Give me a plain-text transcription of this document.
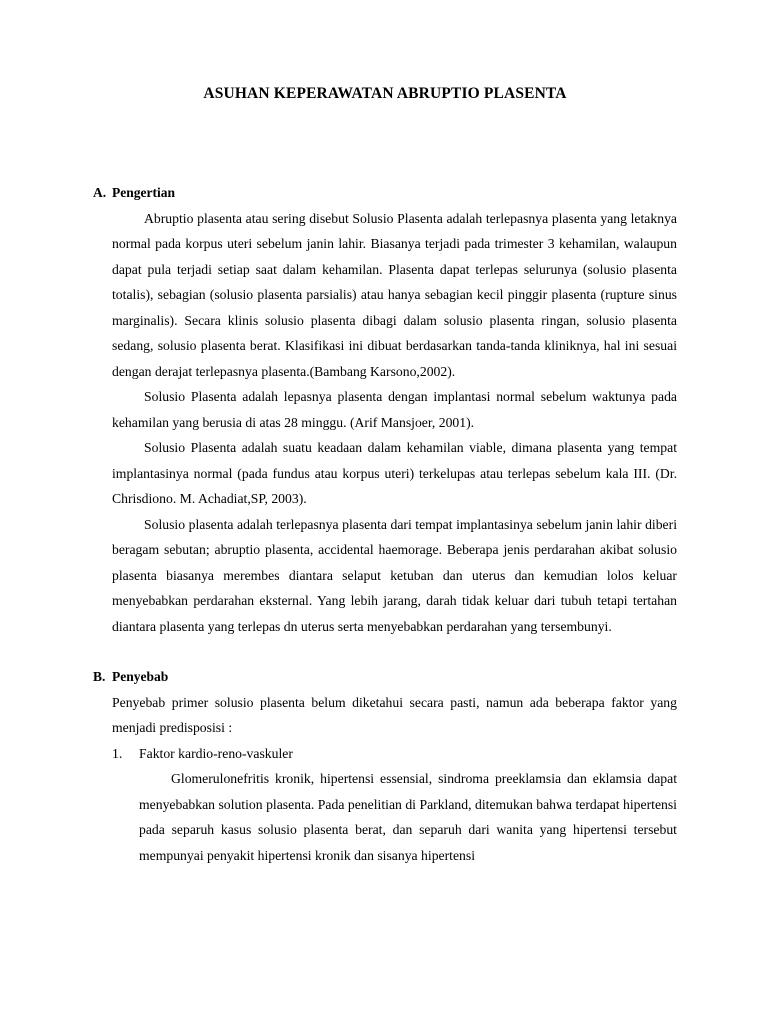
ASUHAN KEPERAWATAN ABRUPTIO PLASENTA
A. Pengertian

Abruptio plasenta atau sering disebut Solusio Plasenta adalah terlepasnya plasenta yang letaknya normal pada korpus uteri sebelum janin lahir. Biasanya terjadi pada trimester 3 kehamilan, walaupun dapat pula terjadi setiap saat dalam kehamilan. Plasenta dapat terlepas selurunya (solusio plasenta totalis), sebagian (solusio plasenta parsialis) atau hanya sebagian kecil pinggir plasenta (rupture sinus marginalis). Secara klinis solusio plasenta dibagi dalam solusio plasenta ringan, solusio plasenta sedang, solusio plasenta berat. Klasifikasi ini dibuat berdasarkan tanda-tanda kliniknya, hal ini sesuai dengan derajat terlepasnya plasenta.(Bambang Karsono,2002).

Solusio Plasenta adalah lepasnya plasenta dengan implantasi normal sebelum waktunya pada kehamilan yang berusia di atas 28 minggu. (Arif Mansjoer, 2001).

Solusio Plasenta adalah suatu keadaan dalam kehamilan viable, dimana plasenta yang tempat implantasinya normal (pada fundus atau korpus uteri) terkelupas atau terlepas sebelum kala III. (Dr. Chrisdiono. M. Achadiat,SP, 2003).

Solusio plasenta adalah terlepasnya plasenta dari tempat implantasinya sebelum janin lahir diberi beragam sebutan; abruptio plasenta, accidental haemorage. Beberapa jenis perdarahan akibat solusio plasenta biasanya merembes diantara selaput ketuban dan uterus dan kemudian lolos keluar menyebabkan perdarahan eksternal. Yang lebih jarang, darah tidak keluar dari tubuh tetapi tertahan diantara plasenta yang terlepas dn uterus serta menyebabkan perdarahan yang tersembunyi.

B. Penyebab

Penyebab primer solusio plasenta belum diketahui secara pasti, namun ada beberapa faktor yang menjadi predisposisi :

1.	Faktor kardio-reno-vaskuler

Glomerulonefritis kronik, hipertensi essensial, sindroma preeklamsia dan eklamsia dapat menyebabkan solution plasenta. Pada penelitian di Parkland, ditemukan bahwa terdapat hipertensi pada separuh kasus solusio plasenta berat, dan separuh dari wanita yang hipertensi tersebut mempunyai penyakit hipertensi kronik dan sisanya hipertensi
